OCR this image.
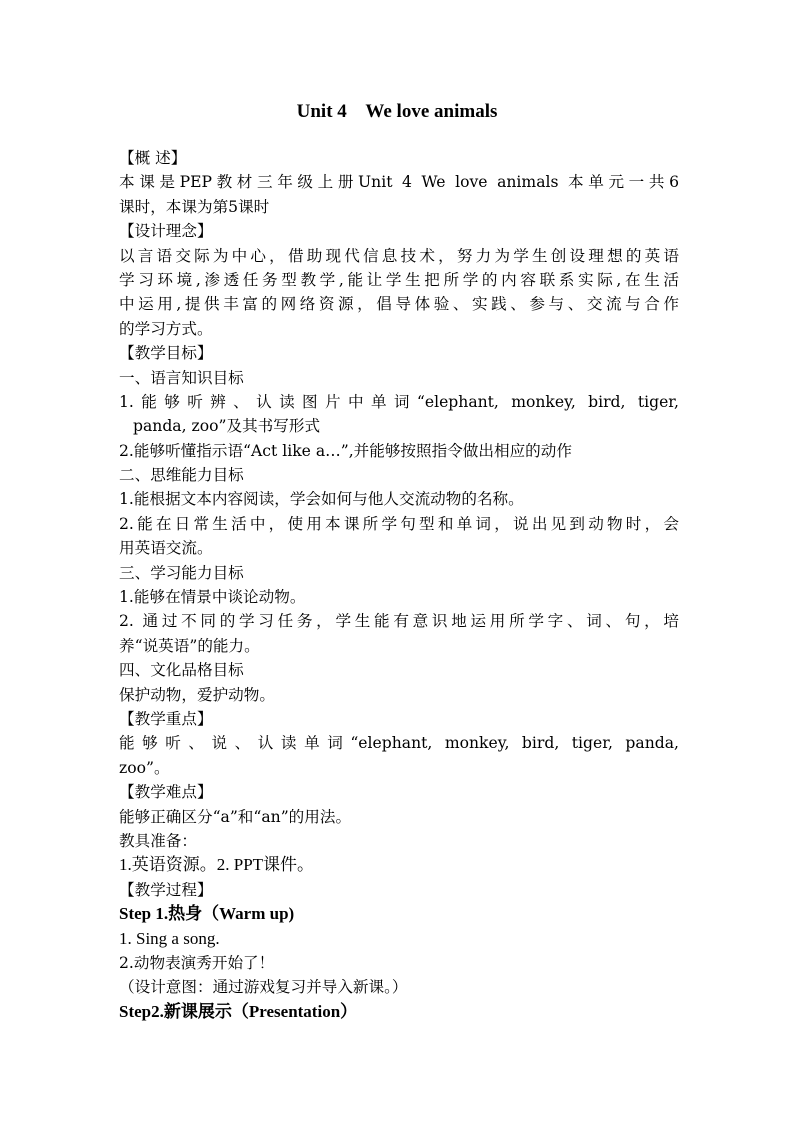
Unit 4    We love animals
【概 述】
本课是PEP教材三年级上册Unit 4 We love animals 本单元一共6
课时，本课为第5课时
【设计理念】
以言语交际为中心，借助现代信息技术，努力为学生创设理想的英语
学习环境,渗透任务型教学,能让学生把所学的内容联系实际,在生活
中运用,提供丰富的网络资源，倡导体验、实践、参与、交流与合作
的学习方式。
【教学目标】
一、语言知识目标
1.能够听辨、认读图片中单词“elephant, monkey, bird, tiger,
panda, zoo”及其书写形式
2.能够听懂指示语“Act like a…”,并能够按照指令做出相应的动作
二、思维能力目标
1.能根据文本内容阅读，学会如何与他人交流动物的名称。
2.能在日常生活中，使用本课所学句型和单词，说出见到动物时，会
用英语交流。
三、学习能力目标
1.能够在情景中谈论动物。
2. 通过不同的学习任务，学生能有意识地运用所学字、词、句，培
养“说英语”的能力。
四、文化品格目标
保护动物，爱护动物。
【教学重点】
能够听、说、认读单词“elephant, monkey, bird, tiger, panda,
zoo”。
【教学难点】
能够正确区分“a”和“an”的用法。
教具准备：
1.英语资源。2. PPT课件。
【教学过程】
Step 1.热身（Warm up)
1. Sing a song.
2.动物表演秀开始了！
（设计意图：通过游戏复习并导入新课。）
Step2.新课展示（Presentation）
